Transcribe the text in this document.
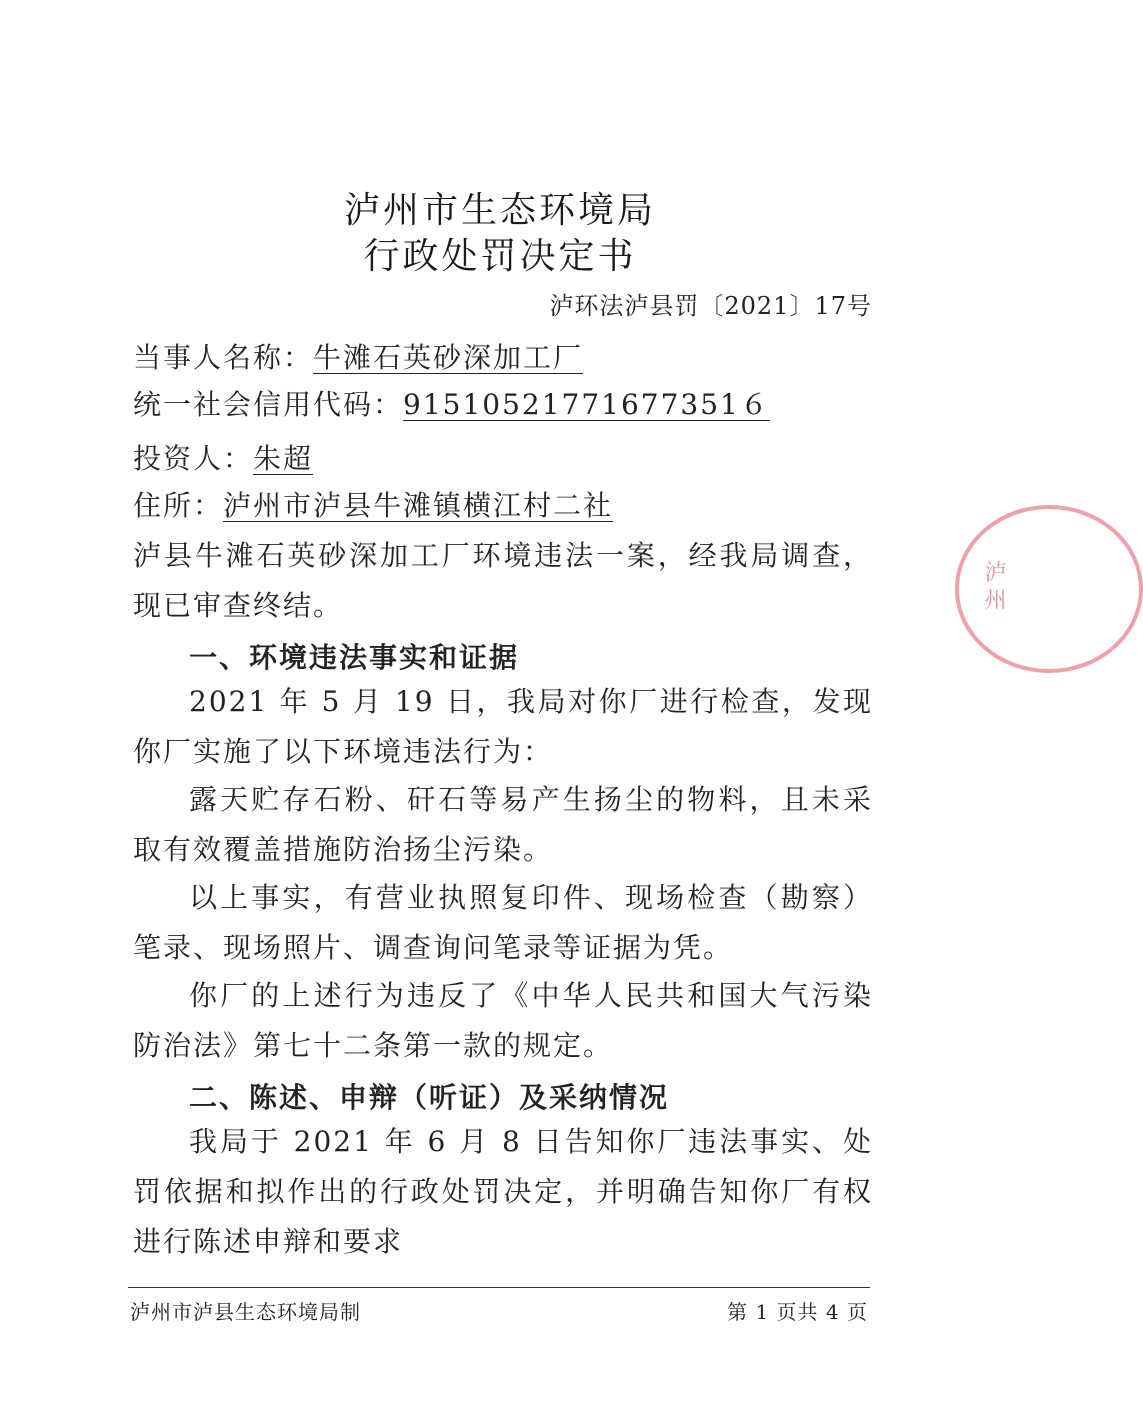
泸州市生态环境局
行政处罚决定书
泸环法泸县罚〔2021〕17号
当事人名称：牛滩石英砂深加工厂
统一社会信用代码：91510521771677351６
投资人：朱超
住所：泸州市泸县牛滩镇横江村二社
泸县牛滩石英砂深加工厂环境违法一案，经我局调查，现已审查终结。
一、环境违法事实和证据
2021 年 5 月 19 日，我局对你厂进行检查，发现你厂实施了以下环境违法行为：
露天贮存石粉、矸石等易产生扬尘的物料，且未采取有效覆盖措施防治扬尘污染。
以上事实，有营业执照复印件、现场检查（勘察）笔录、现场照片、调查询问笔录等证据为凭。
你厂的上述行为违反了《中华人民共和国大气污染防治法》第七十二条第一款的规定。
二、陈述、申辩（听证）及采纳情况
我局于 2021 年 6 月 8 日告知你厂违法事实、处罚依据和拟作出的行政处罚决定，并明确告知你厂有权进行陈述申辩和要求
泸州市泸县生态环境局制	第 1 页共 4 页
泸州
